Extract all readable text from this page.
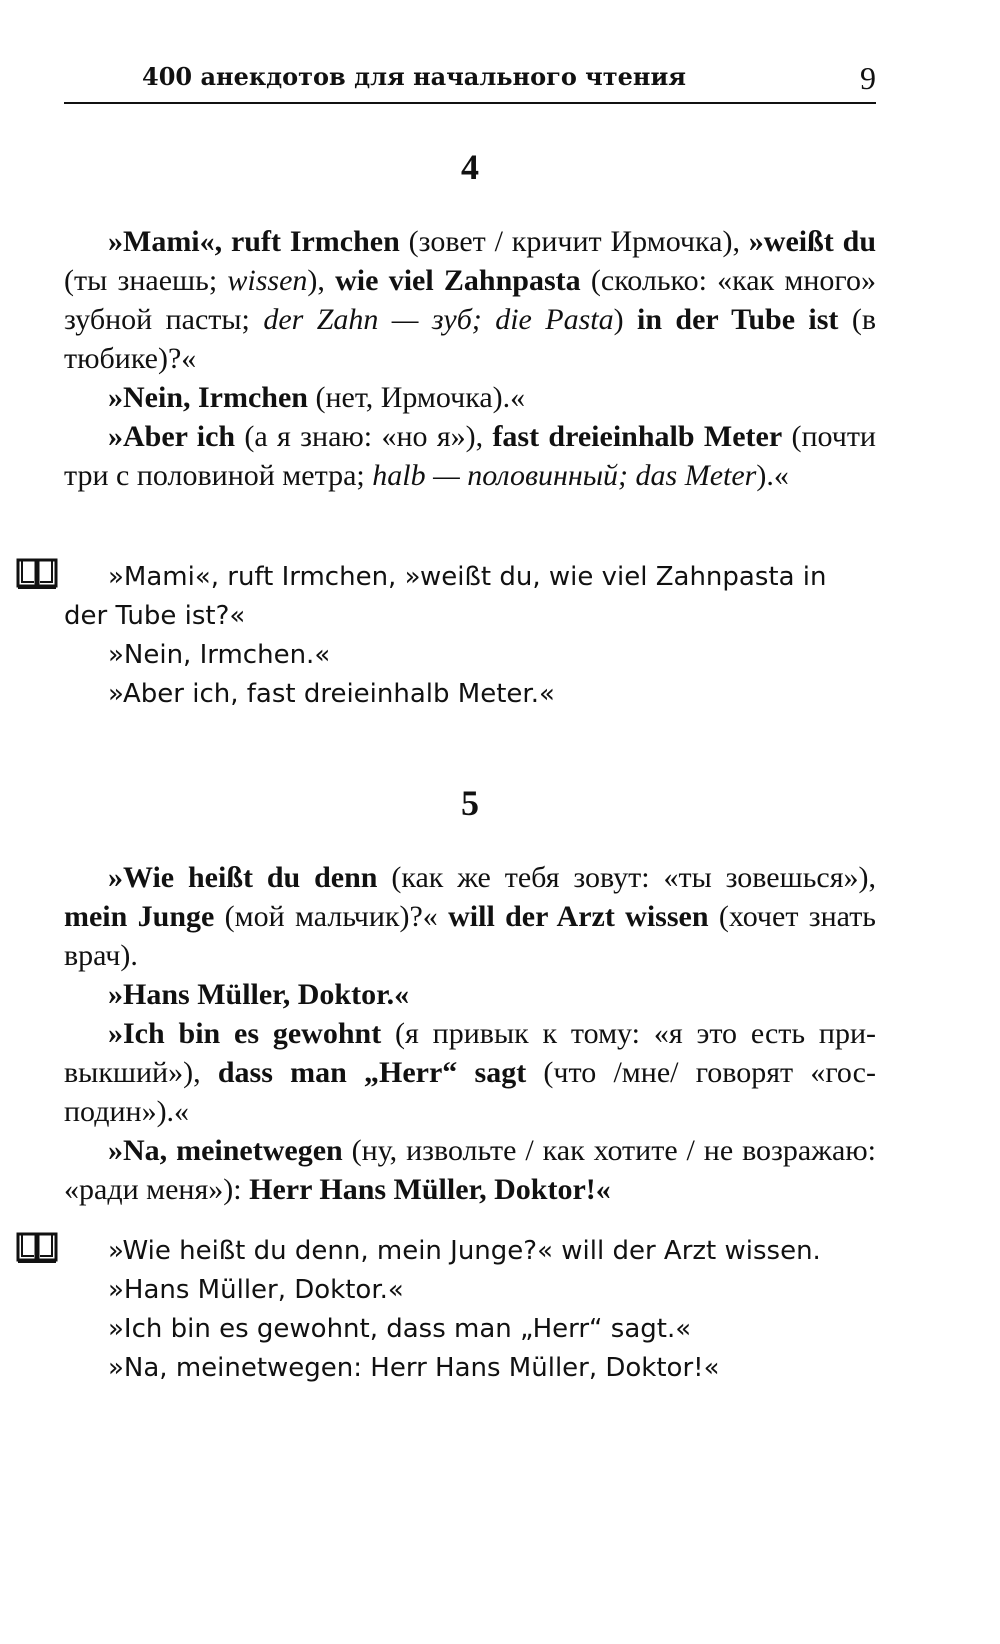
400 анекдотов для начального чтения	9
4

»Mami«, ruft Irmchen (зовет / кричит Ирмочка), »weißt du (ты знаешь; wissen), wie viel Zahnpasta (сколько: «как много» зубной пасты; der Zahn — зуб; die Pasta) in der Tube ist (в тюбике)?«

»Nein, Irmchen (нет, Ирмочка).«

»Aber ich (а я знаю: «но я»), fast dreieinhalb Meter (почти три с половиной метра; halb — половинный; das Meter).«

»Mami«, ruft Irmchen, »weißt du, wie viel Zahnpasta in der Tube ist?«

»Nein, Irmchen.«

»Aber ich, fast dreieinhalb Meter.«

5

»Wie heißt du denn (как же тебя зовут: «ты зовешься»), mein Junge (мой мальчик)?« will der Arzt wissen (хочет знать врач).

»Hans Müller, Doktor.«

»Ich bin es gewohnt (я привык к тому: «я это есть привыкший»), dass man „Herr“ sagt (что /мне/ говорят «господин»).«

»Na, meinetwegen (ну, извольте / как хотите / не возражаю: «ради меня»): Herr Hans Müller, Doktor!«

»Wie heißt du denn, mein Junge?« will der Arzt wissen.

»Hans Müller, Doktor.«

»Ich bin es gewohnt, dass man „Herr“ sagt.«

»Na, meinetwegen: Herr Hans Müller, Doktor!«
